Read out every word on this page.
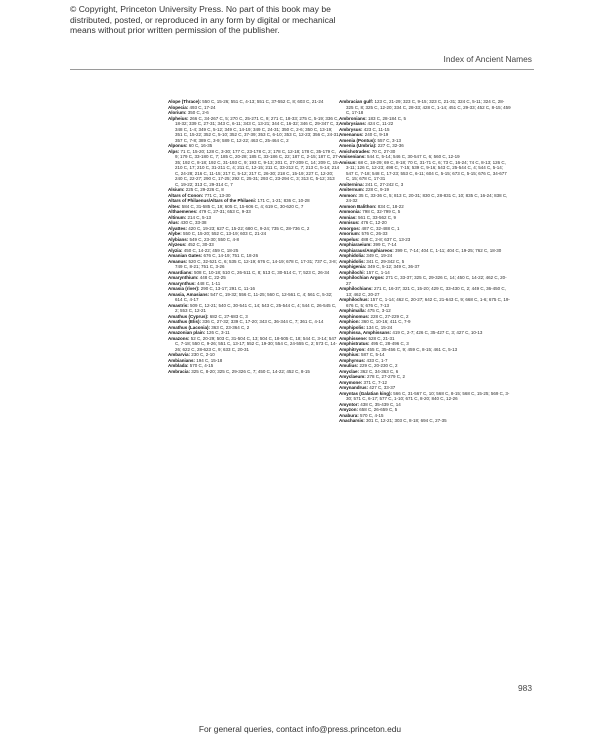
© Copyright, Princeton University Press. No part of this book may be
distributed, posted, or reproduced in any form by digital or mechanical
means without prior written permission of the publisher.
Index of Ancient Names

Alope (Thrace): 550 C, 15-26; 551 C, 4-13; 551 C, 37-552 C, 8; 603 C, 21-24

Alopecia: 493 C, 17-24

Alorium: 350 C, 2-6

Alpheius: 266 C, 34-267 C, 5; 270 C, 25-271 C, 9; 271 C, 18-33; 275 C, 5-19; 336 C, 18-32; 339 C, 27-31; 343 C, 6-11; 343 C, 13-21; 344 C, 16-32; 346 C, 29-347 C, 3; 348 C, 1-4; 349 C, 5-12; 349 C, 14-19; 349 C, 24-31; 350 C, 2-6; 350 C, 13-19; 351 C, 15-22; 352 C, 5-10; 352 C, 37-39; 353 C, 6-10; 353 C, 12-23; 356 C, 24-31; 357 C, 7-8; 389 C, 3-9; 589 C, 12-22; 463 C, 25-464 C, 2

Alponus: 60 C, 16-35

Alps: 71 C, 15-20; 128 C, 3-30; 177 C, 23-178 C, 2; 178 C, 12-18; 178 C, 35-179 C, 9; 179 C, 33-180 C, 7; 185 C, 20-28; 185 C, 33-186 C, 22; 187 C, 2-15; 187 C, 27-35; 192 C, 8-18; 192 C, 31-193 C, 9; 193 C, 9-13; 201 C, 27-209 C, 14; 209 C, 15-210 C, 17; 210 C, 31-211 C, 4; 211 C, 12-15; 211 C, 33-212 C, 7; 213 C, 5-14; 214 C, 24-28; 216 C, 11-15; 217 C, 5-12; 217 C, 26-30; 218 C, 15-19; 227 C, 12-20; 240 C, 22-27; 290 C, 17-25; 292 C, 25-31; 293 C, 23-294 C, 3; 313 C, 5-12; 313 C, 19-22; 313 C, 29-314 C, 7

Alsium: 225 C, 29-226 C, 8

Altars of Conon: 771 C, 13-30

Altars of Philaenus/Altars of the Philaeni: 171 C, 1-21; 836 C, 10-28

Altes: 584 C, 31-585 C, 19; 605 C, 15-606 C, 4; 619 C, 30-620 C, 7

Althaemenes: 479 C, 27-31; 653 C, 9-33

Altinum: 214 C, 5-13

Alus: 430 C, 33-38

Alyattes: 420 C, 19-23; 627 C, 15-22; 680 C, 9-24; 735 C, 28-736 C, 2

Alybe: 550 C, 15-20; 552 C, 13-19; 603 C, 21-24

Alybians: 549 C, 23-30; 550 C, 4-8

Alyzeus: 452 C, 30-33

Alyzia: 450 C, 14-22; 459 C, 18-25

Amanian Gates: 676 C, 14-19; 751 C, 18-26

Amanus: 520 C, 32-521 C, 6; 535 C, 12-19; 676 C, 14-19; 678 C, 17-31; 737 C, 3-8; 749 C, 8-21; 751 C, 3-26

Amardians: 508 C, 10-18; 510 C, 26-511 C, 8; 513 C, 30-514 C, 7; 523 C, 26-34

Amarynthium: 448 C, 22-25

Amarynthus: 448 C, 1-11

Amasia (river): 290 C, 13-17; 291 C, 11-16

Amasia, Amasians: 547 C, 19-32; 556 C, 11-25; 560 C, 12-561 C, 4; 561 C, 5-32; 614 C, 4-17

Amastris: 509 C, 12-21; 540 C, 30-541 C, 14; 543 C, 25-544 C, 4; 544 C, 26-545 C, 2; 553 C, 12-21

Amathus (Cyprus): 682 C, 27-683 C, 3

Amathus (Elis): 336 C, 27-32; 339 C, 17-20; 343 C, 36-344 C, 7; 361 C, 4-14

Amathus (Laconia): 363 C, 23-364 C, 2

Amazonian plain: 126 C, 3-11

Amazons: 52 C, 20-29; 503 C, 31-504 C, 13; 504 C, 18-505 C, 18; 544 C, 3-14; 547 C, 7-18; 550 C, 9-26; 551 C, 13-17; 552 C, 19-30; 554 C, 24-555 C, 2; 573 C, 14-26; 622 C, 28-623 C, 9; 633 C, 20-31

Ambarvia: 230 C, 2-10

Ambianians: 194 C, 15-18

Amblada: 570 C, 4-15

Ambracia: 325 C, 8-20; 325 C, 29-326 C, 7; 450 C, 14-22; 452 C, 8-15

Ambracian gulf: 123 C, 21-29; 323 C, 9-15; 323 C, 21-31; 324 C, 5-11; 324 C, 28-325 C, 8; 325 C, 12-20; 334 C, 28-33; 428 C, 1-14; 451 C, 29-33; 452 C, 8-15; 459 C, 17-18

Ambronians: 183 C, 28-184 C, 5

Ambrysians: 424 C, 11-22

Ambrysus: 423 C, 11-15

Amenanus: 240 C, 9-19

Amenia (Pontus): 557 C, 3-13

Amenia (Umbria): 227 C, 32-36

Amichotrades: 70 C, 27-30

Amisenians: 544 C, 5-14; 546 C, 30-547 C, 6; 560 C, 12-19

Amisus: 68 C, 18-29; 69 C, 8-18; 70 C, 31-71 C, 6; 73 C, 16-24; 74 C, 8-13; 126 C, 3-11; 126 C, 12-23; 498 C, 7-15; 539 C, 9-16; 543 C, 25-544 C, 4; 544 C, 5-14; 547 C, 7-18; 548 C, 17-23; 553 C, 6-11; 604 C, 5-15; 673 C, 5-15; 676 C, 34-677 C, 15; 678 C, 17-31

Amiternina: 241 C, 27-242 C, 3

Amiternum: 228 C, 9-19

Ammon: 35 C, 33-36 C, 5; 813 C, 20-31; 830 C, 28-831 C, 10; 835 C, 16-24; 838 C, 24-32

Ammon Balithon: 834 C, 18-22

Ammonia: 798 C, 32-799 C, 5

Amnias: 561 C, 33-562 C, 9

Amnisus: 476 C, 12-20

Amorgos: 487 C, 32-488 C, 1

Amorium: 576 C, 26-33

Ampelus: 488 C, 2-8; 637 C, 13-23

Amphiaraeium: 399 C, 7-14

Amphiaraus/Amphiareos: 399 C, 7-14; 404 C, 1-11; 404 C, 19-25; 762 C, 18-30

Amphidolia: 349 C, 19-24

Amphidolis: 341 C, 29-342 C, 5

Amphigenia: 349 C, 5-12; 349 C, 36-37

Amphilochi: 157 C, 1-14

Amphilochian Argos: 271 C, 33-37; 325 C, 29-326 C, 14; 450 C, 14-22; 462 C, 20-27

Amphilochians: 271 C, 16-37; 321 C, 15-20; 429 C, 33-430 C, 2; 449 C, 36-450 C, 13; 462 C, 20-27

Amphilochus: 157 C, 1-14; 462 C, 20-27; 642 C, 21-643 C, 9; 668 C, 1-6; 675 C, 19-676 C, 5; 676 C, 7-13

Amphimalla: 475 C, 3-12

Amphinomus: 228 C, 27-229 C, 2

Amphion: 360 C, 10-16; 411 C, 7-9

Amphipolis: 134 C, 15-24

Amphissa, Amphissans: 419 C, 2-7; 426 C, 35-427 C, 3; 427 C, 10-13

Amphissene: 528 C, 21-31

Amphistratus: 495 C, 28-496 C, 3

Amphitryon: 455 C, 35-456 C, 9; 459 C, 8-15; 461 C, 5-13

Amphius: 587 C, 5-14

Amphyrsus: 433 C, 1-7

Amulius: 229 C, 20-230 C, 2

Amyclae: 362 C, 34-363 C, 6

Amyclaeum: 278 C, 27-279 C, 2

Amymone: 371 C, 7-12

Amynandrus: 427 C, 33-37

Amyntas (Galatian king): 566 C, 31-567 C, 10; 568 C, 8-15; 568 C, 15-25; 569 C, 3-30; 571 C, 6-17; 577 C, 1-10; 671 C, 8-20; 840 C, 12-26

Amyntor: 438 C, 35-439 C, 14

Amyzon: 658 C, 26-659 C, 5

Anabura: 570 C, 4-15

Anacharsis: 301 C, 12-21; 303 C, 8-18; 694 C, 27-35

983
For general queries, contact info@press.princeton.edu
